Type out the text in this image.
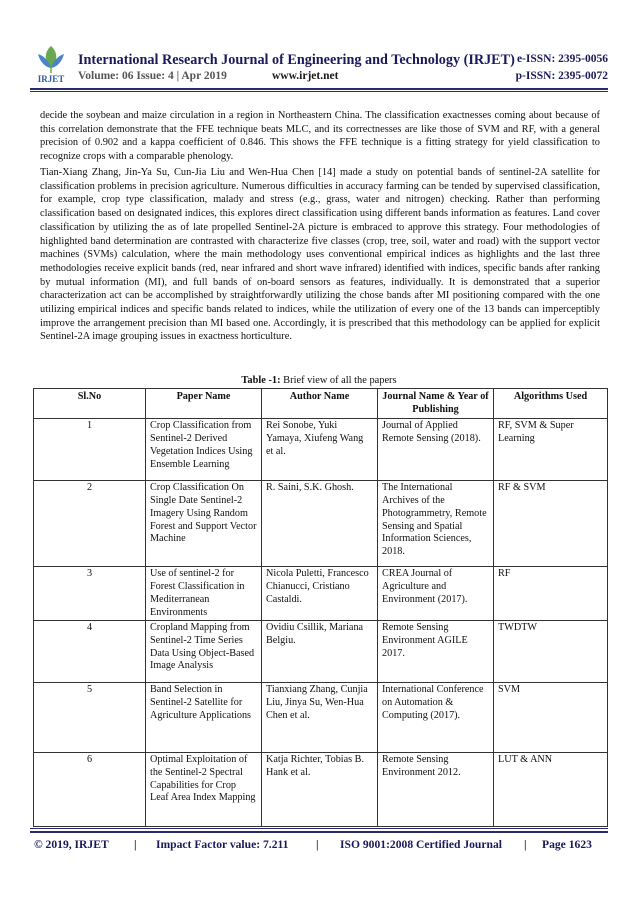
IRJET
International Research Journal of Engineering and Technology (IRJET) e-ISSN: 2395-0056
Volume: 06 Issue: 4 | Apr 2019	www.irjet.net	p-ISSN: 2395-0072

decide the soybean and maize circulation in a region in Northeastern China. The classification exactnesses coming about because of this correlation demonstrate that the FFE technique beats MLC, and its correctnesses are like those of SVM and RF, with a general precision of 0.902 and a kappa coefficient of 0.846. This shows the FFE technique is a fitting strategy for yield classification to recognize crops with a comparable phenology.

Tian-Xiang Zhang, Jin-Ya Su, Cun-Jia Liu and Wen-Hua Chen [14] made a study on potential bands of sentinel-2A satellite for classification problems in precision agriculture. Numerous difficulties in accuracy farming can be tended by supervised classification, for example, crop type classification, malady and stress (e.g., grass, water and nitrogen) checking. Rather than performing classification based on designated indices, this explores direct classification using different bands information as features. Land cover classification by utilizing the as of late propelled Sentinel-2A picture is embraced to approve this strategy. Four methodologies of highlighted band determination are contrasted with characterize five classes (crop, tree, soil, water and road) with the support vector machines (SVMs) calculation, where the main methodology uses conventional empirical indices as highlights and the last three methodologies receive explicit bands (red, near infrared and short wave infrared) identified with indices, specific bands after ranking by mutual information (MI), and full bands of on-board sensors as features, individually. It is demonstrated that a superior characterization act can be accomplished by straightforwardly utilizing the chose bands after MI positioning compared with the one utilizing empirical indices and specific bands related to indices, while the utilization of every one of the 13 bands can imperceptibly improve the arrangement precision than MI based one. Accordingly, it is prescribed that this methodology can be applied for explicit Sentinel-2A image grouping issues in exactness horticulture.

Table -1: Brief view of all the papers

Sl.No	Paper Name	Author Name	Journal Name & Year of Publishing	Algorithms Used
1	Crop Classification from Sentinel-2 Derived Vegetation Indices Using Ensemble Learning	Rei Sonobe, Yuki Yamaya, Xiufeng Wang et al.	Journal of Applied Remote Sensing (2018).	RF, SVM & Super Learning
2	Crop Classification On Single Date Sentinel-2 Imagery Using Random Forest and Support Vector Machine	R. Saini, S.K. Ghosh.	The International Archives of the Photogrammetry, Remote Sensing and Spatial Information Sciences, 2018.	RF & SVM
3	Use of sentinel-2 for Forest Classification in Mediterranean Environments	Nicola Puletti, Francesco Chianucci, Cristiano Castaldi.	CREA Journal of Agriculture and Environment (2017).	RF
4	Cropland Mapping from Sentinel-2 Time Series Data Using Object-Based Image Analysis	Ovidiu Csillik, Mariana Belgiu.	Remote Sensing Environment AGILE 2017.	TWDTW
5	Band Selection in Sentinel-2 Satellite for Agriculture Applications	Tianxiang Zhang, Cunjia Liu, Jinya Su, Wen-Hua Chen et al.	International Conference on Automation & Computing (2017).	SVM
6	Optimal Exploitation of the Sentinel-2 Spectral Capabilities for Crop Leaf Area Index Mapping	Katja Richter, Tobias B. Hank et al.	Remote Sensing Environment 2012.	LUT & ANN
© 2019, IRJET | Impact Factor value: 7.211 | ISO 9001:2008 Certified Journal | Page 1623
